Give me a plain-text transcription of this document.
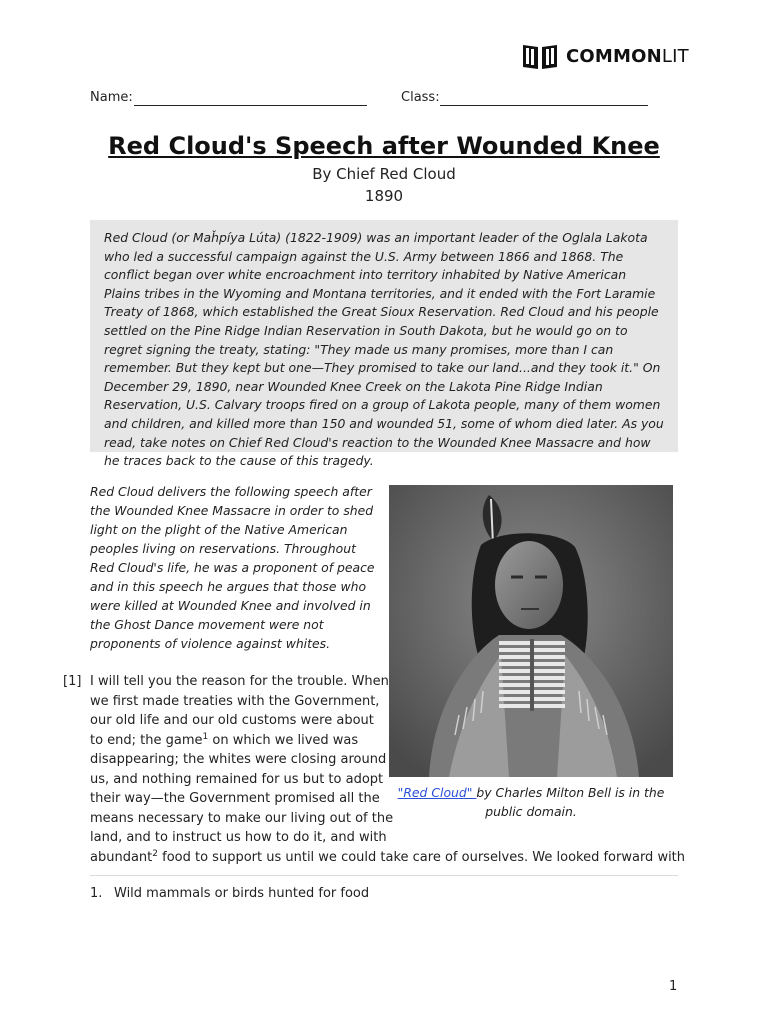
COMMONLIT
Name:	Class:
Red Cloud's Speech after Wounded Knee
By Chief Red Cloud
1890

Red Cloud (or Maȟpíya Lúta) (1822-1909) was an important leader of the Oglala Lakota who led a successful campaign against the U.S. Army between 1866 and 1868. The conflict began over white encroachment into territory inhabited by Native American Plains tribes in the Wyoming and Montana territories, and it ended with the Fort Laramie Treaty of 1868, which established the Great Sioux Reservation. Red Cloud and his people settled on the Pine Ridge Indian Reservation in South Dakota, but he would go on to regret signing the treaty, stating: "They made us many promises, more than I can remember. But they kept but one—They promised to take our land...and they took it." On December 29, 1890, near Wounded Knee Creek on the Lakota Pine Ridge Indian Reservation, U.S. Calvary troops fired on a group of Lakota people, many of them women and children, and killed more than 150 and wounded 51, some of whom died later. As you read, take notes on Chief Red Cloud's reaction to the Wounded Knee Massacre and how he traces back to the cause of this tragedy.

Red Cloud delivers the following speech after the Wounded Knee Massacre in order to shed light on the plight of the Native American peoples living on reservations. Throughout Red Cloud's life, he was a proponent of peace and in this speech he argues that those who were killed at Wounded Knee and involved in the Ghost Dance movement were not proponents of violence against whites.

"Red Cloud" by Charles Milton Bell is in the public domain.

[1] I will tell you the reason for the trouble. When
we first made treaties with the Government,
our old life and our old customs were about
to end; the game$^1$ on which we lived was
disappearing; the whites were closing around
us, and nothing remained for us but to adopt
their way—the Government promised all the
means necessary to make our living out of the
land, and to instruct us how to do it, and with
abundant$^2$ food to support us until we could take care of ourselves. We looked forward with
1. Wild mammals or birds hunted for food
1
